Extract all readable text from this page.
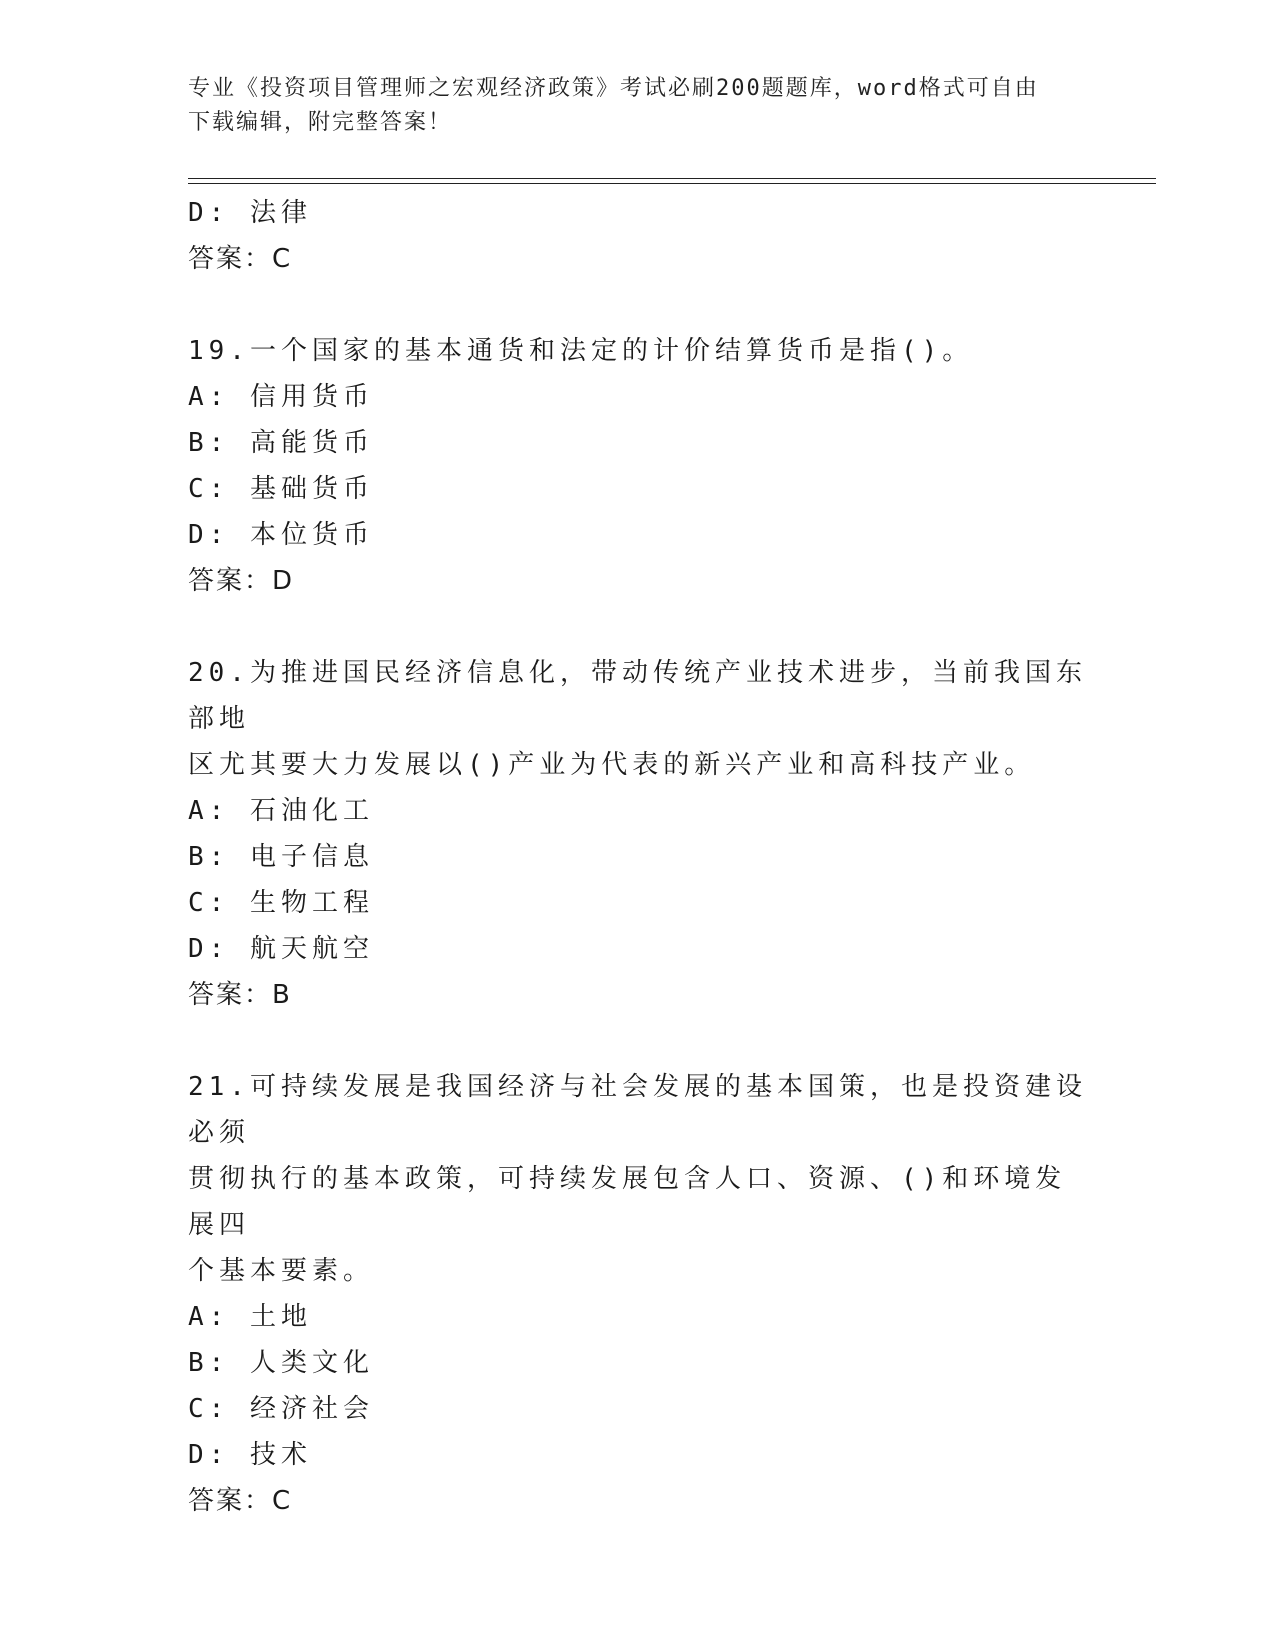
专业《投资项目管理师之宏观经济政策》考试必刷200题题库，word格式可自由
下载编辑，附完整答案！
D: 法律
答案：C
19.一个国家的基本通货和法定的计价结算货币是指()。
A: 信用货币
B: 高能货币
C: 基础货币
D: 本位货币
答案：D
20.为推进国民经济信息化，带动传统产业技术进步，当前我国东部地
区尤其要大力发展以()产业为代表的新兴产业和高科技产业。
A: 石油化工
B: 电子信息
C: 生物工程
D: 航天航空
答案：B
21.可持续发展是我国经济与社会发展的基本国策，也是投资建设必须
贯彻执行的基本政策，可持续发展包含人口、资源、()和环境发展四
个基本要素。
A: 土地
B: 人类文化
C: 经济社会
D: 技术
答案：C
